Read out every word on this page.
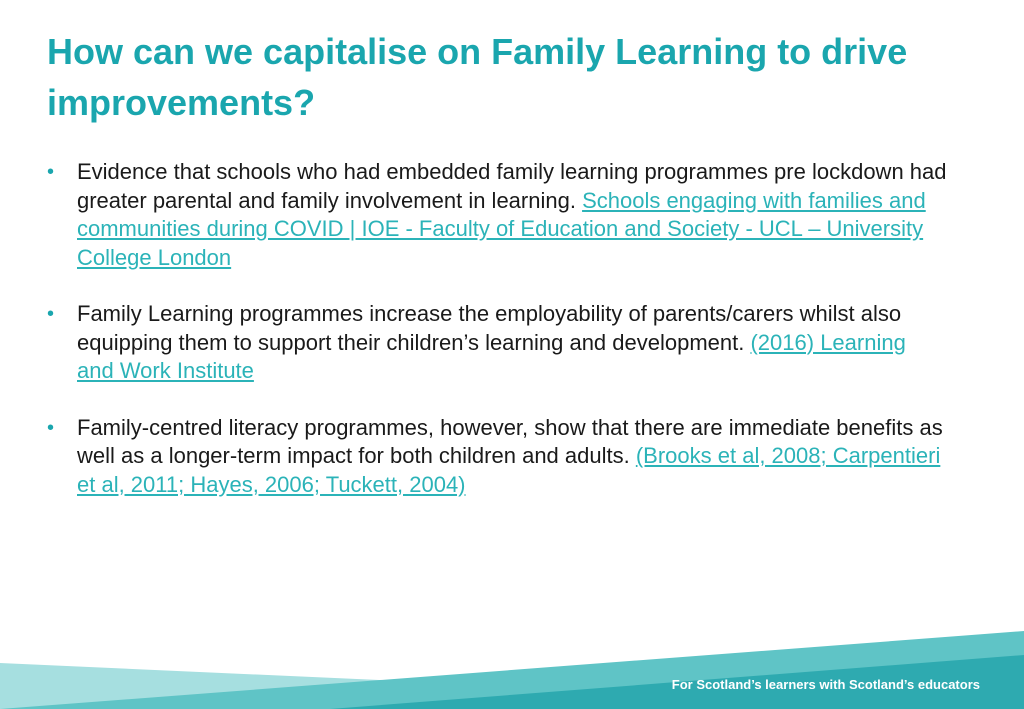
How can we capitalise on Family Learning to drive improvements?
• Evidence that schools who had embedded family learning programmes pre lockdown had greater parental and family involvement in learning. Schools engaging with families and communities during COVID | IOE - Faculty of Education and Society - UCL – University College London
• Family Learning programmes increase the employability of parents/carers whilst also equipping them to support their children’s learning and development. (2016) Learning and Work Institute
• Family-centred literacy programmes, however, show that there are immediate benefits as well as a longer-term impact for both children and adults. (Brooks et al, 2008; Carpentieri et al, 2011; Hayes, 2006; Tuckett, 2004)
For Scotland’s learners with Scotland’s educators
